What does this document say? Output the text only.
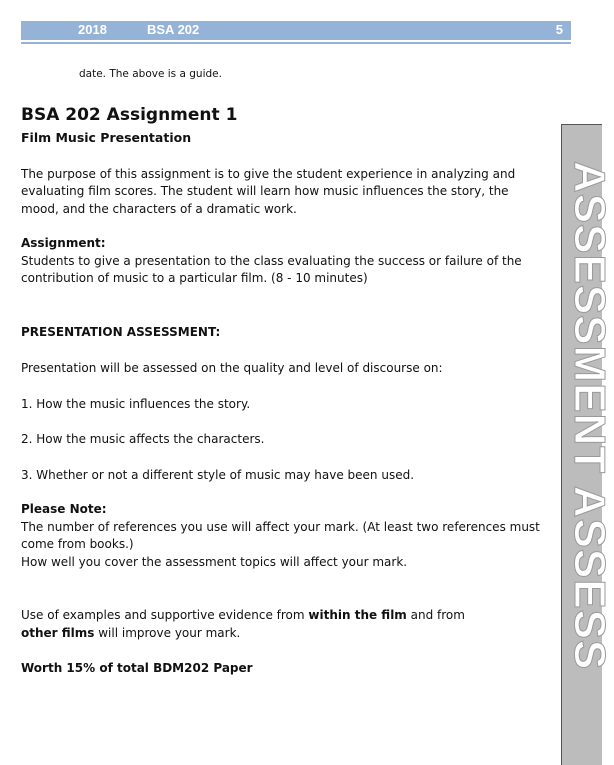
2018	BSA 202	5
date. The above is a guide.
BSA 202 Assignment 1

Film Music Presentation

The purpose of this assignment is to give the student experience in analyzing and evaluating film scores. The student will learn how music influences the story, the mood, and the characters of a dramatic work.

Assignment:

Students to give a presentation to the class evaluating the success or failure of the contribution of music to a particular film. (8 - 10 minutes)

PRESENTATION ASSESSMENT:

Presentation will be assessed on the quality and level of discourse on:

1. How the music influences the story.

2. How the music affects the characters.

3. Whether or not a different style of music may have been used.

Please Note:

The number of references you use will affect your mark. (At least two references must come from books.)

How well you cover the assessment topics will affect your mark.

Use of examples and supportive evidence from within the film and from
other films will improve your mark.

Worth 15% of total BDM202 Paper	ASSESSMENT ASSESS
